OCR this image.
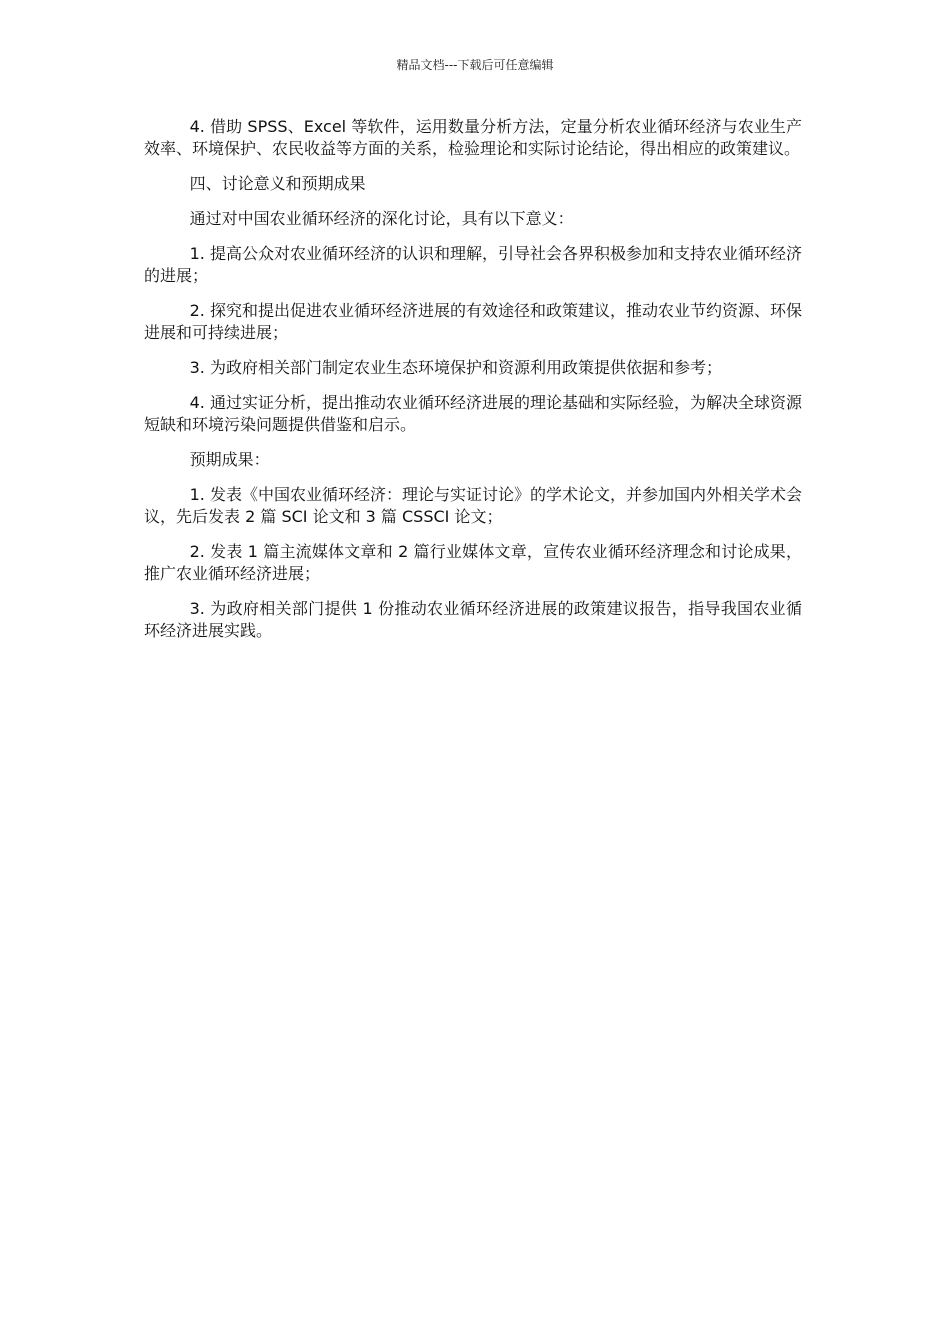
精品文档---下载后可任意编辑

4. 借助 SPSS、Excel 等软件，运用数量分析方法，定量分析农业循环经济与农业生产效率、环境保护、农民收益等方面的关系，检验理论和实际讨论结论，得出相应的政策建议。

四、讨论意义和预期成果

通过对中国农业循环经济的深化讨论，具有以下意义：

1. 提高公众对农业循环经济的认识和理解，引导社会各界积极参加和支持农业循环经济的进展；

2. 探究和提出促进农业循环经济进展的有效途径和政策建议，推动农业节约资源、环保进展和可持续进展；

3. 为政府相关部门制定农业生态环境保护和资源利用政策提供依据和参考；

4. 通过实证分析，提出推动农业循环经济进展的理论基础和实际经验，为解决全球资源短缺和环境污染问题提供借鉴和启示。

预期成果：

1. 发表《中国农业循环经济：理论与实证讨论》的学术论文，并参加国内外相关学术会议，先后发表 2 篇 SCI 论文和 3 篇 CSSCI 论文；

2. 发表 1 篇主流媒体文章和 2 篇行业媒体文章，宣传农业循环经济理念和讨论成果，推广农业循环经济进展；

3. 为政府相关部门提供 1 份推动农业循环经济进展的政策建议报告，指导我国农业循环经济进展实践。
